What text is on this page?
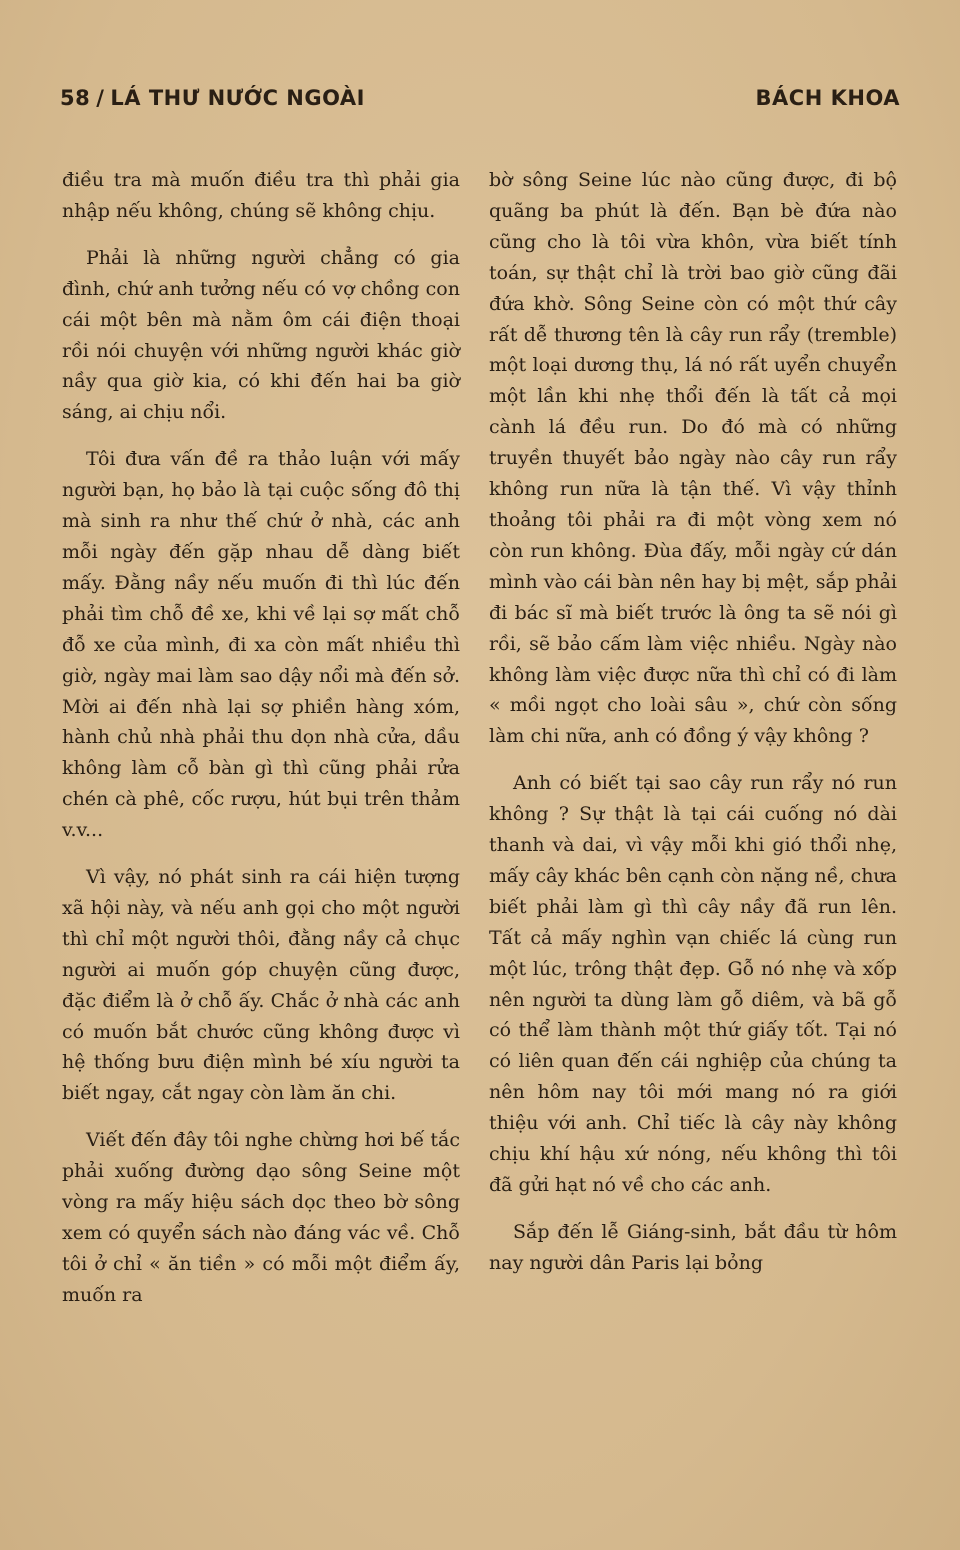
58 / LÁ THƯ NƯỚC NGOÀI	BÁCH KHOA

điều tra mà muốn điều tra thì phải gia nhập nếu không, chúng sẽ không chịu.

Phải là những người chẳng có gia đình, chứ anh tưởng nếu có vợ chồng con cái một bên mà nằm ôm cái điện thoại rồi nói chuyện với những người khác giờ nầy qua giờ kia, có khi đến hai ba giờ sáng, ai chịu nổi.

Tôi đưa vấn đề ra thảo luận với mấy người bạn, họ bảo là tại cuộc sống đô thị mà sinh ra như thế chứ ở nhà, các anh mỗi ngày đến gặp nhau dễ dàng biết mấy. Đằng nầy nếu muốn đi thì lúc đến phải tìm chỗ đề xe, khi về lại sợ mất chỗ đỗ xe của mình, đi xa còn mất nhiều thì giờ, ngày mai làm sao dậy nổi mà đến sở. Mời ai đến nhà lại sợ phiền hàng xóm, hành chủ nhà phải thu dọn nhà cửa, dầu không làm cỗ bàn gì thì cũng phải rửa chén cà phê, cốc rượu, hút bụi trên thảm v.v...

Vì vậy, nó phát sinh ra cái hiện tượng xã hội này, và nếu anh gọi cho một người thì chỉ một người thôi, đằng nầy cả chục người ai muốn góp chuyện cũng được, đặc điểm là ở chỗ ấy. Chắc ở nhà các anh có muốn bắt chước cũng không được vì hệ thống bưu điện mình bé xíu người ta biết ngay, cắt ngay còn làm ăn chi.

Viết đến đây tôi nghe chừng hơi bế tắc phải xuống đường dạo sông Seine một vòng ra mấy hiệu sách dọc theo bờ sông xem có quyển sách nào đáng vác về. Chỗ tôi ở chỉ « ăn tiền » có mỗi một điểm ấy, muốn ra

bờ sông Seine lúc nào cũng được, đi bộ quãng ba phút là đến. Bạn bè đứa nào cũng cho là tôi vừa khôn, vừa biết tính toán, sự thật chỉ là trời bao giờ cũng đãi đứa khờ. Sông Seine còn có một thứ cây rất dễ thương tên là cây run rẩy (tremble) một loại dương thụ, lá nó rất uyển chuyển một lần khi nhẹ thổi đến là tất cả mọi cành lá đều run. Do đó mà có những truyền thuyết bảo ngày nào cây run rẩy không run nữa là tận thế. Vì vậy thỉnh thoảng tôi phải ra đi một vòng xem nó còn run không. Đùa đấy, mỗi ngày cứ dán mình vào cái bàn nên hay bị mệt, sắp phải đi bác sĩ mà biết trước là ông ta sẽ nói gì rồi, sẽ bảo cấm làm việc nhiều. Ngày nào không làm việc được nữa thì chỉ có đi làm « mồi ngọt cho loài sâu », chứ còn sống làm chi nữa, anh có đồng ý vậy không ?

Anh có biết tại sao cây run rẩy nó run không ? Sự thật là tại cái cuống nó dài thanh và dai, vì vậy mỗi khi gió thổi nhẹ, mấy cây khác bên cạnh còn nặng nề, chưa biết phải làm gì thì cây nầy đã run lên. Tất cả mấy nghìn vạn chiếc lá cùng run một lúc, trông thật đẹp. Gỗ nó nhẹ và xốp nên người ta dùng làm gỗ diêm, và bã gỗ có thể làm thành một thứ giấy tốt. Tại nó có liên quan đến cái nghiệp của chúng ta nên hôm nay tôi mới mang nó ra giới thiệu với anh. Chỉ tiếc là cây này không chịu khí hậu xứ nóng, nếu không thì tôi đã gửi hạt nó về cho các anh.

Sắp đến lễ Giáng-sinh, bắt đầu từ hôm nay người dân Paris lại bỏng
